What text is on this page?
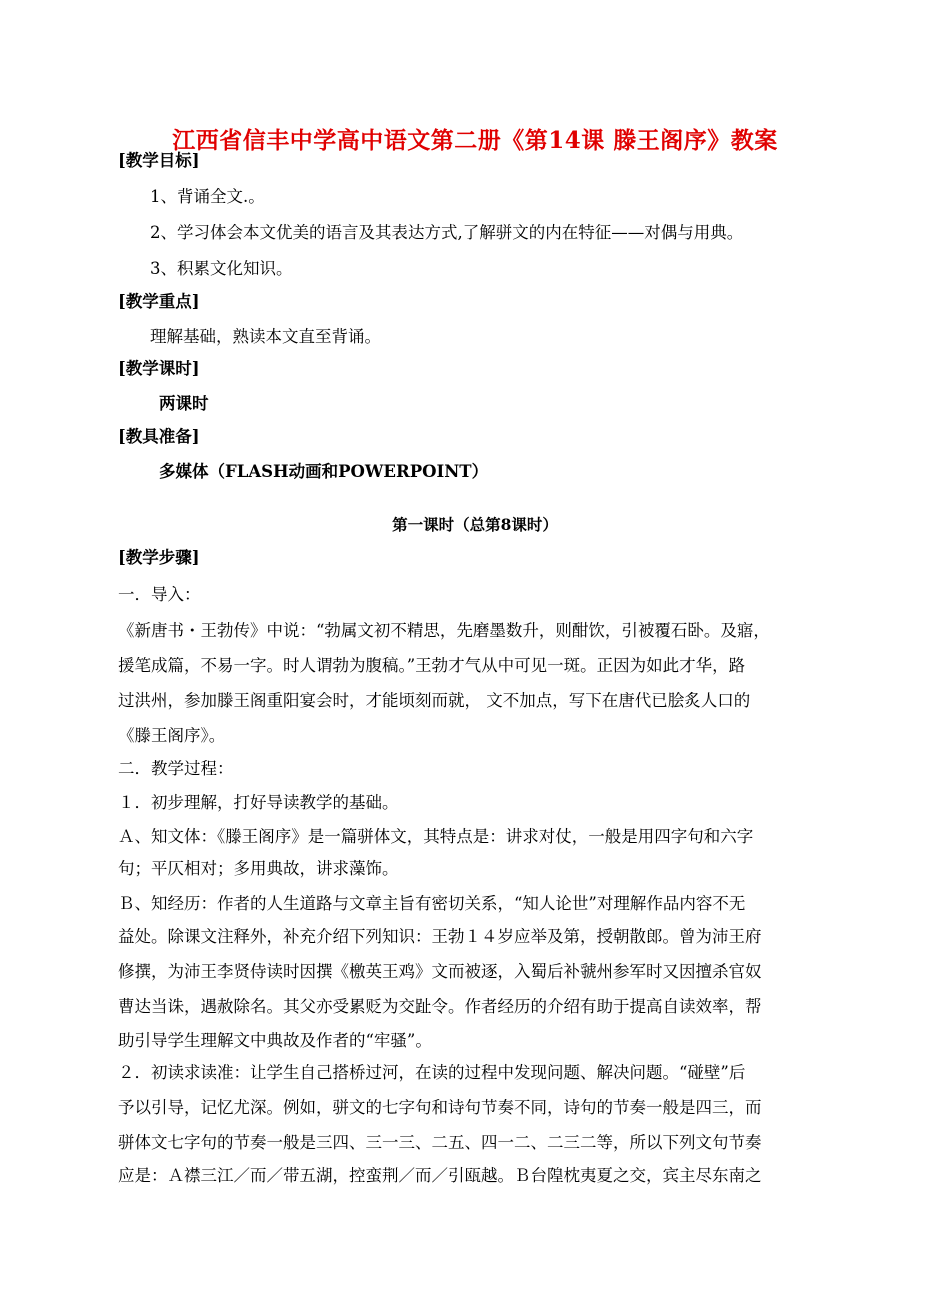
江西省信丰中学高中语文第二册《第14课 滕王阁序》教案
[教学目标]
1、背诵全文.。
2、学习体会本文优美的语言及其表达方式,了解骈文的内在特征——对偶与用典。
3、积累文化知识。
[教学重点]
理解基础，熟读本文直至背诵。
[教学课时]
两课时
[教具准备]
多媒体（FLASH动画和POWERPOINT）
第一课时（总第8课时）
[教学步骤]
一．导入：
《新唐书・王勃传》中说：“勃属文初不精思，先磨墨数升，则酣饮，引被覆石卧。及寤，
援笔成篇，不易一字。时人谓勃为腹稿。”王勃才气从中可见一斑。正因为如此才华，路
过洪州，参加滕王阁重阳宴会时，才能顷刻而就， 文不加点，写下在唐代已脍炙人口的
《滕王阁序》。
二．教学过程：
１．初步理解，打好导读教学的基础。
Ａ、知文体：《滕王阁序》是一篇骈体文，其特点是：讲求对仗，一般是用四字句和六字
句；平仄相对；多用典故，讲求藻饰。
Ｂ、知经历：作者的人生道路与文章主旨有密切关系，“知人论世”对理解作品内容不无
益处。除课文注释外，补充介绍下列知识：王勃１４岁应举及第，授朝散郎。曾为沛王府
修撰，为沛王李贤侍读时因撰《檄英王鸡》文而被逐，入蜀后补虢州参军时又因擅杀官奴
曹达当诛，遇赦除名。其父亦受累贬为交趾令。作者经历的介绍有助于提高自读效率，帮
助引导学生理解文中典故及作者的“牢骚”。
２．初读求读准：让学生自己搭桥过河，在读的过程中发现问题、解决问题。“碰壁”后
予以引导，记忆尤深。例如，骈文的七字句和诗句节奏不同，诗句的节奏一般是四三，而
骈体文七字句的节奏一般是三四、三一三、二五、四一二、二三二等，所以下列文句节奏
应是：Ａ襟三江／而／带五湖，控蛮荆／而／引瓯越。Ｂ台隍枕夷夏之交，宾主尽东南之
